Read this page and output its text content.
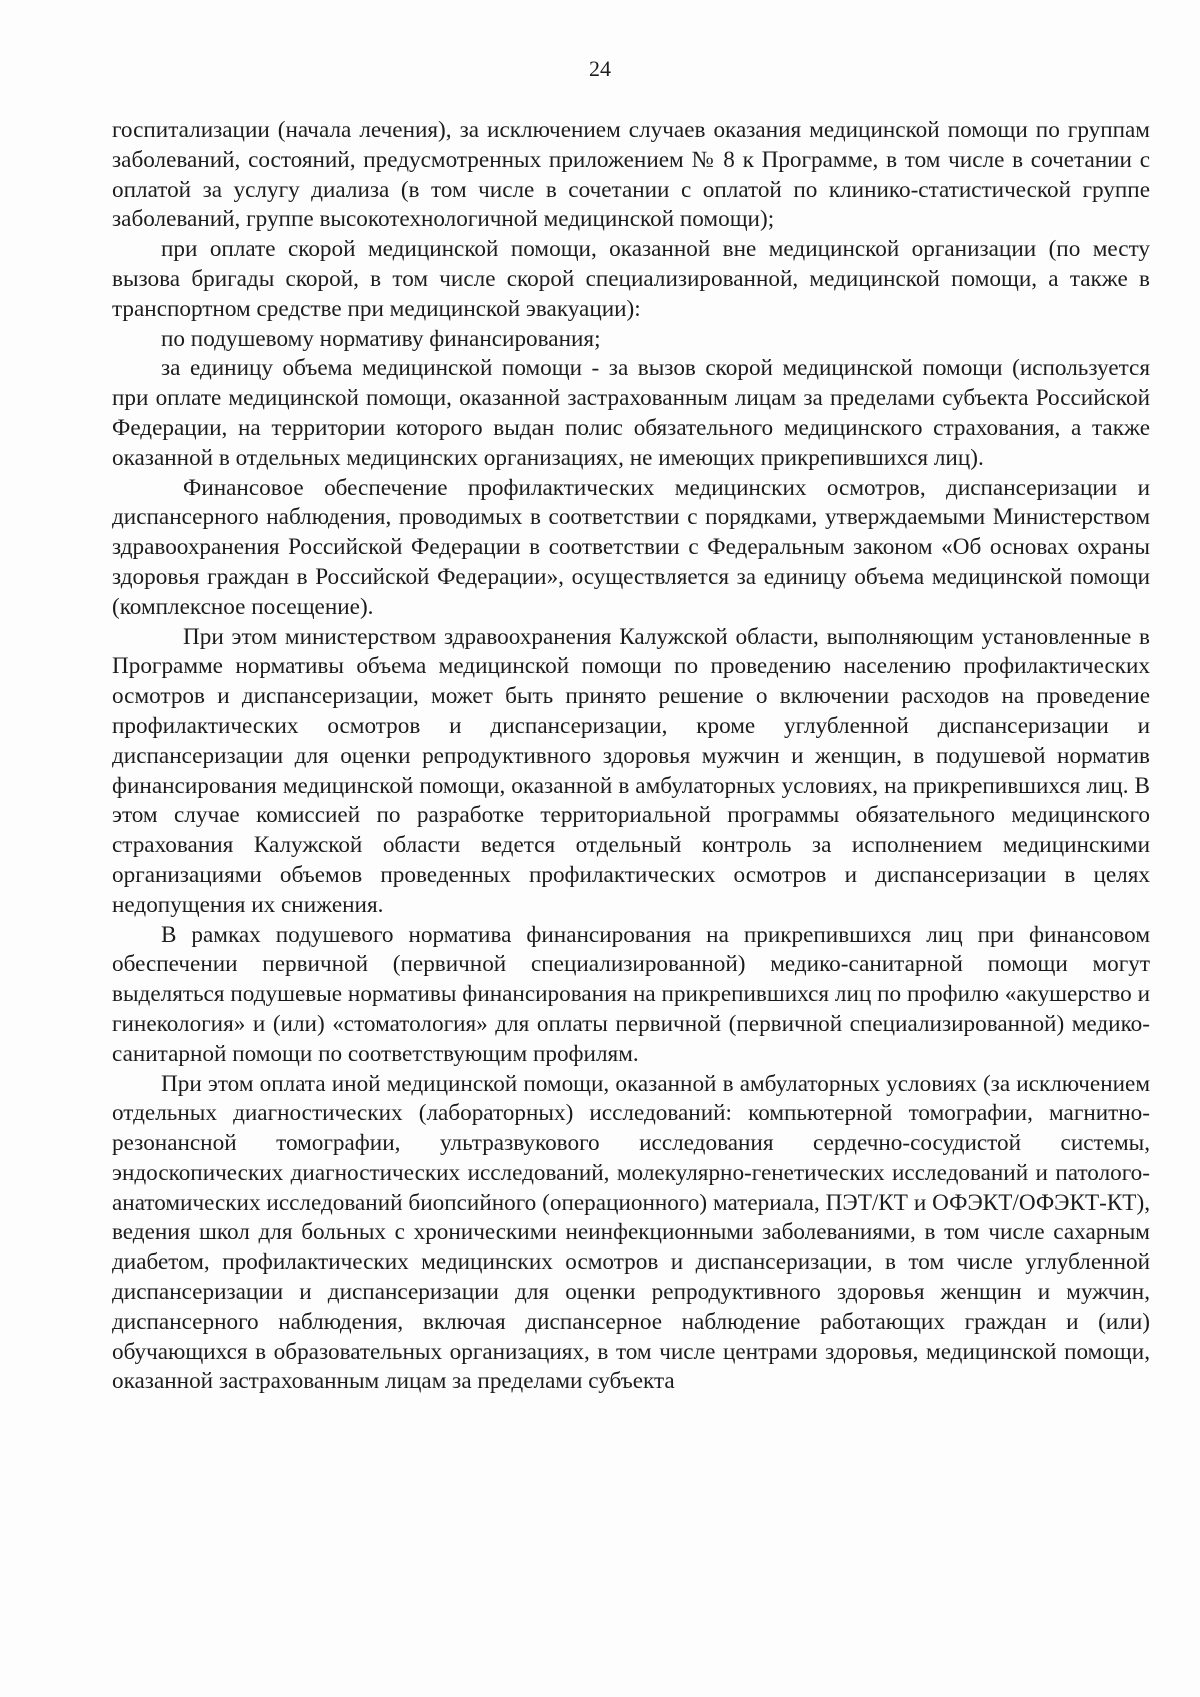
24

госпитализации (начала лечения), за исключением случаев оказания медицинской помощи по группам заболеваний, состояний, предусмотренных приложением № 8 к Программе, в том числе в сочетании с оплатой за услугу диализа (в том числе в сочетании с оплатой по клинико-статистической группе заболеваний, группе высокотехнологичной медицинской помощи);

при оплате скорой медицинской помощи, оказанной вне медицинской организации (по месту вызова бригады скорой, в том числе скорой специализированной, медицинской помощи, а также в транспортном средстве при медицинской эвакуации):

по подушевому нормативу финансирования;

за единицу объема медицинской помощи - за вызов скорой медицинской помощи (используется при оплате медицинской помощи, оказанной застрахованным лицам за пределами субъекта Российской Федерации, на территории которого выдан полис обязательного медицинского страхования, а также оказанной в отдельных медицинских организациях, не имеющих прикрепившихся лиц).

Финансовое обеспечение профилактических медицинских осмотров, диспансеризации и диспансерного наблюдения, проводимых в соответствии с порядками, утверждаемыми Министерством здравоохранения Российской Федерации в соответствии с Федеральным законом «Об основах охраны здоровья граждан в Российской Федерации», осуществляется за единицу объема медицинской помощи (комплексное посещение).

При этом министерством здравоохранения Калужской области, выполняющим установленные в Программе нормативы объема медицинской помощи по проведению населению профилактических осмотров и диспансеризации, может быть принято решение о включении расходов на проведение профилактических осмотров и диспансеризации, кроме углубленной диспансеризации и диспансеризации для оценки репродуктивного здоровья мужчин и женщин, в подушевой норматив финансирования медицинской помощи, оказанной в амбулаторных условиях, на прикрепившихся лиц. В этом случае комиссией по разработке территориальной программы обязательного медицинского страхования Калужской области ведется отдельный контроль за исполнением медицинскими организациями объемов проведенных профилактических осмотров и диспансеризации в целях недопущения их снижения.

В рамках подушевого норматива финансирования на прикрепившихся лиц при финансовом обеспечении первичной (первичной специализированной) медико-санитарной помощи могут выделяться подушевые нормативы финансирования на прикрепившихся лиц по профилю «акушерство и гинекология» и (или) «стоматология» для оплаты первичной (первичной специализированной) медико-санитарной помощи по соответствующим профилям.

При этом оплата иной медицинской помощи, оказанной в амбулаторных условиях (за исключением отдельных диагностических (лабораторных) исследований: компьютерной томографии, магнитно-резонансной томографии, ультразвукового исследования сердечно-сосудистой системы, эндоскопических диагностических исследований, молекулярно-генетических исследований и патолого-анатомических исследований биопсийного (операционного) материала, ПЭТ/КТ и ОФЭКТ/ОФЭКТ-КТ), ведения школ для больных с хроническими неинфекционными заболеваниями, в том числе сахарным диабетом, профилактических медицинских осмотров и диспансеризации, в том числе углубленной диспансеризации и диспансеризации для оценки репродуктивного здоровья женщин и мужчин, диспансерного наблюдения, включая диспансерное наблюдение работающих граждан и (или) обучающихся в образовательных организациях, в том числе центрами здоровья, медицинской помощи, оказанной застрахованным лицам за пределами субъекта
